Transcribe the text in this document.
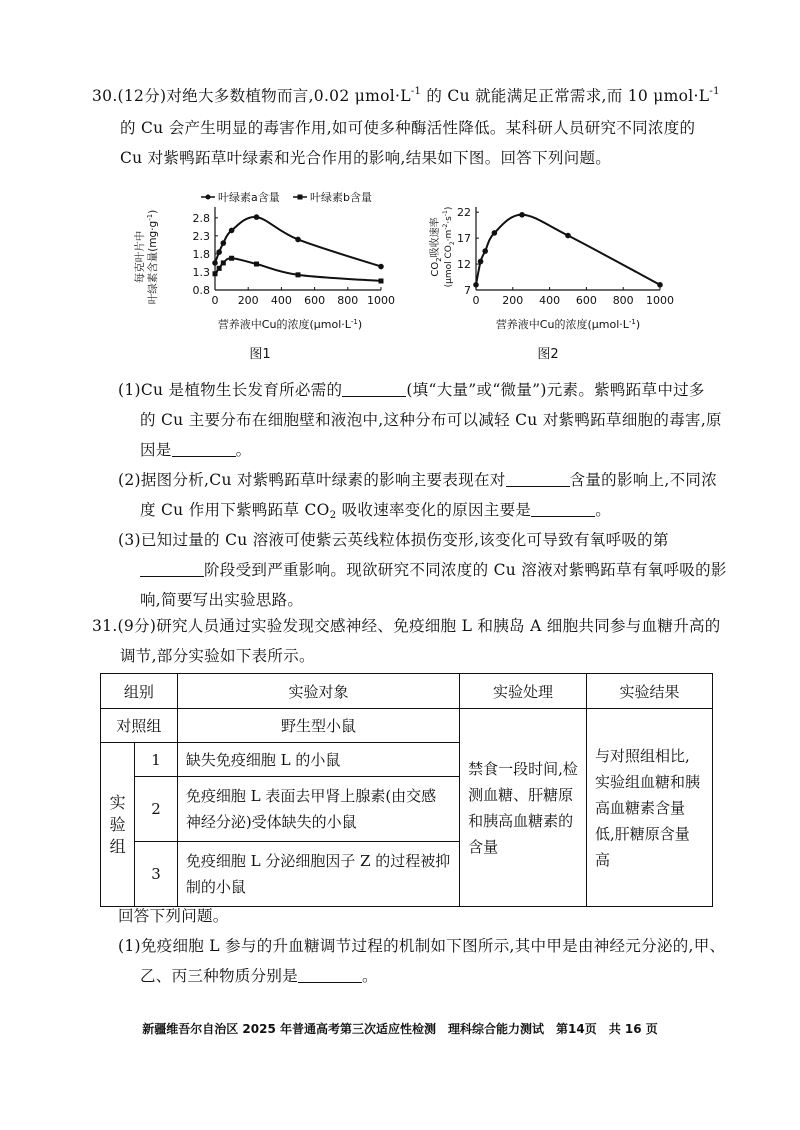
30.(12分)对绝大多数植物而言,0.02 $\mu mol\cdot L^{-1}$ 的 Cu 就能满足正常需求,而 10 $\mu mol\cdot L^{-1}$
的 Cu 会产生明显的毒害作用,如可使多种酶活性降低。某科研人员研究不同浓度的
Cu 对紫鸭跖草叶绿素和光合作用的影响,结果如下图。回答下列问题。
叶绿素a含量	叶绿素b含量
每克叶片中 叶绿素含量$(mg\cdot g^{-1})$
0 200 400 600 800 1000
0.8
1.3
1.8
2.3
2.8
营养液中Cu的浓度$(\mu mol\cdot L^{-1})$
图1
$CO_2$吸收速率
(μmol $CO_2\cdot m^{-2}\cdot s^{-1}$)
0 200 400 600 800 1000
7
12
17
22
营养液中Cu的浓度$(\mu mol\cdot L^{-1})$
图2
(1)Cu 是植物生长发育所必需的	(填“大量”或“微量”)元素。紫鸭跖草中过多
的 Cu 主要分布在细胞壁和液泡中,这种分布可以减轻 Cu 对紫鸭跖草细胞的毒害,原
因是	。
(2)据图分析,Cu 对紫鸭跖草叶绿素的影响主要表现在对	含量的影响上,不同浓
度 Cu 作用下紫鸭跖草 $CO_2$ 吸收速率变化的原因主要是	。
(3)已知过量的 Cu 溶液可使紫云英线粒体损伤变形,该变化可导致有氧呼吸的第
阶段受到严重影响。现欲研究不同浓度的 Cu 溶液对紫鸭跖草有氧呼吸的影
响,简要写出实验思路。
31.(9分)研究人员通过实验发现交感神经、免疫细胞 L 和胰岛 A 细胞共同参与血糖升高的
调节,部分实验如下表所示。
组别		实验对象	实验处理	实验结果
对照组		野生型小鼠	禁食一段时间,检测血糖、肝糖原和胰高血糖素的含量	与对照组相比,实验组血糖和胰高血糖素含量低,肝糖原含量高
实验组	1	缺失免疫细胞 L 的小鼠		
	2	免疫细胞 L 表面去甲肾上腺素(由交感神经分泌)受体缺失的小鼠		
	3	免疫细胞 L 分泌细胞因子 Z 的过程被抑制的小鼠		
回答下列问题。
(1)免疫细胞 L 参与的升血糖调节过程的机制如下图所示,其中甲是由神经元分泌的,甲、
乙、丙三种物质分别是	。
新疆维吾尔自治区 2025 年普通高考第三次适应性检测　理科综合能力测试　第14页　共 16 页
